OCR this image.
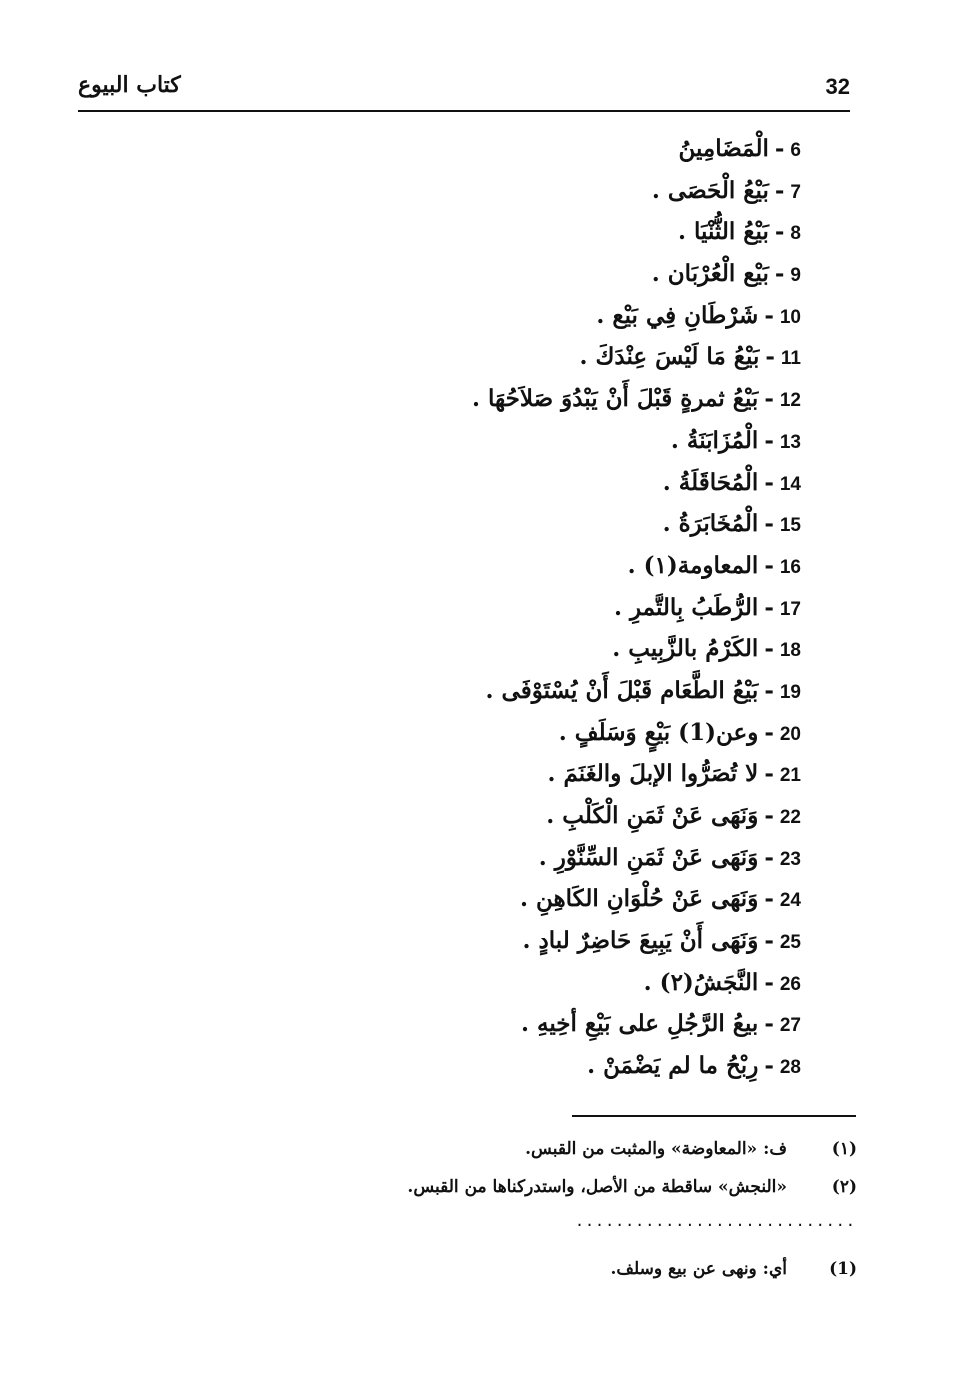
32
كتاب البيوع
6-الْمَضَامِينُ
7-بَيْعُ الْحَصَى .
8-بَيْعُ الثُّنْيَا .
9-بَيْع الْعُرْبَان .
10-شَرْطَانِ فِي بَيْع .
11-بَيْعُ مَا لَيْسَ عِنْدَكَ .
12-بَيْعُ ثمرةٍ قَبْلَ أَنْ يَبْدُوَ صَلاَحُهَا .
13-الْمُزَابَنَةُ .
14-الْمُحَاقَلَةُ .
15-الْمُخَابَرَةُ .
16-المعاومة(١) .
17-الرُّطَبُ بِالتَّمرِ .
18-الكَرْمُ بالزَّبِيبِ .
19-بَيْعُ الطَّعَام قَبْلَ أَنْ يُسْتَوْفَى .
20-وعن(1) بَيْعٍ وَسَلَفٍ .
21-لا تُصَرُّوا الإبلَ والغَنَمَ .
22-وَنَهَى عَنْ ثَمَنِ الْكَلْبِ .
23-وَنَهَى عَنْ ثَمَنِ السِّنَّوْرِ .
24-وَنَهَى عَنْ حُلْوَانِ الكَاهِنِ .
25-وَنَهَى أَنْ يَبِيعَ حَاضِرٌ لبادٍ .
26-النَّجَشُ(٢) .
27-بيعُ الرَّجُلِ على بَيْعِ أخِيهِ .
28-رِبْحُ ما لم يَضْمَنْ .
(١)ف: «المعاوضة» والمثبت من القبس.
(٢)«النجش» ساقطة من الأصل، واستدركناها من القبس.
............................
(1)أي: ونهى عن بيع وسلف.
